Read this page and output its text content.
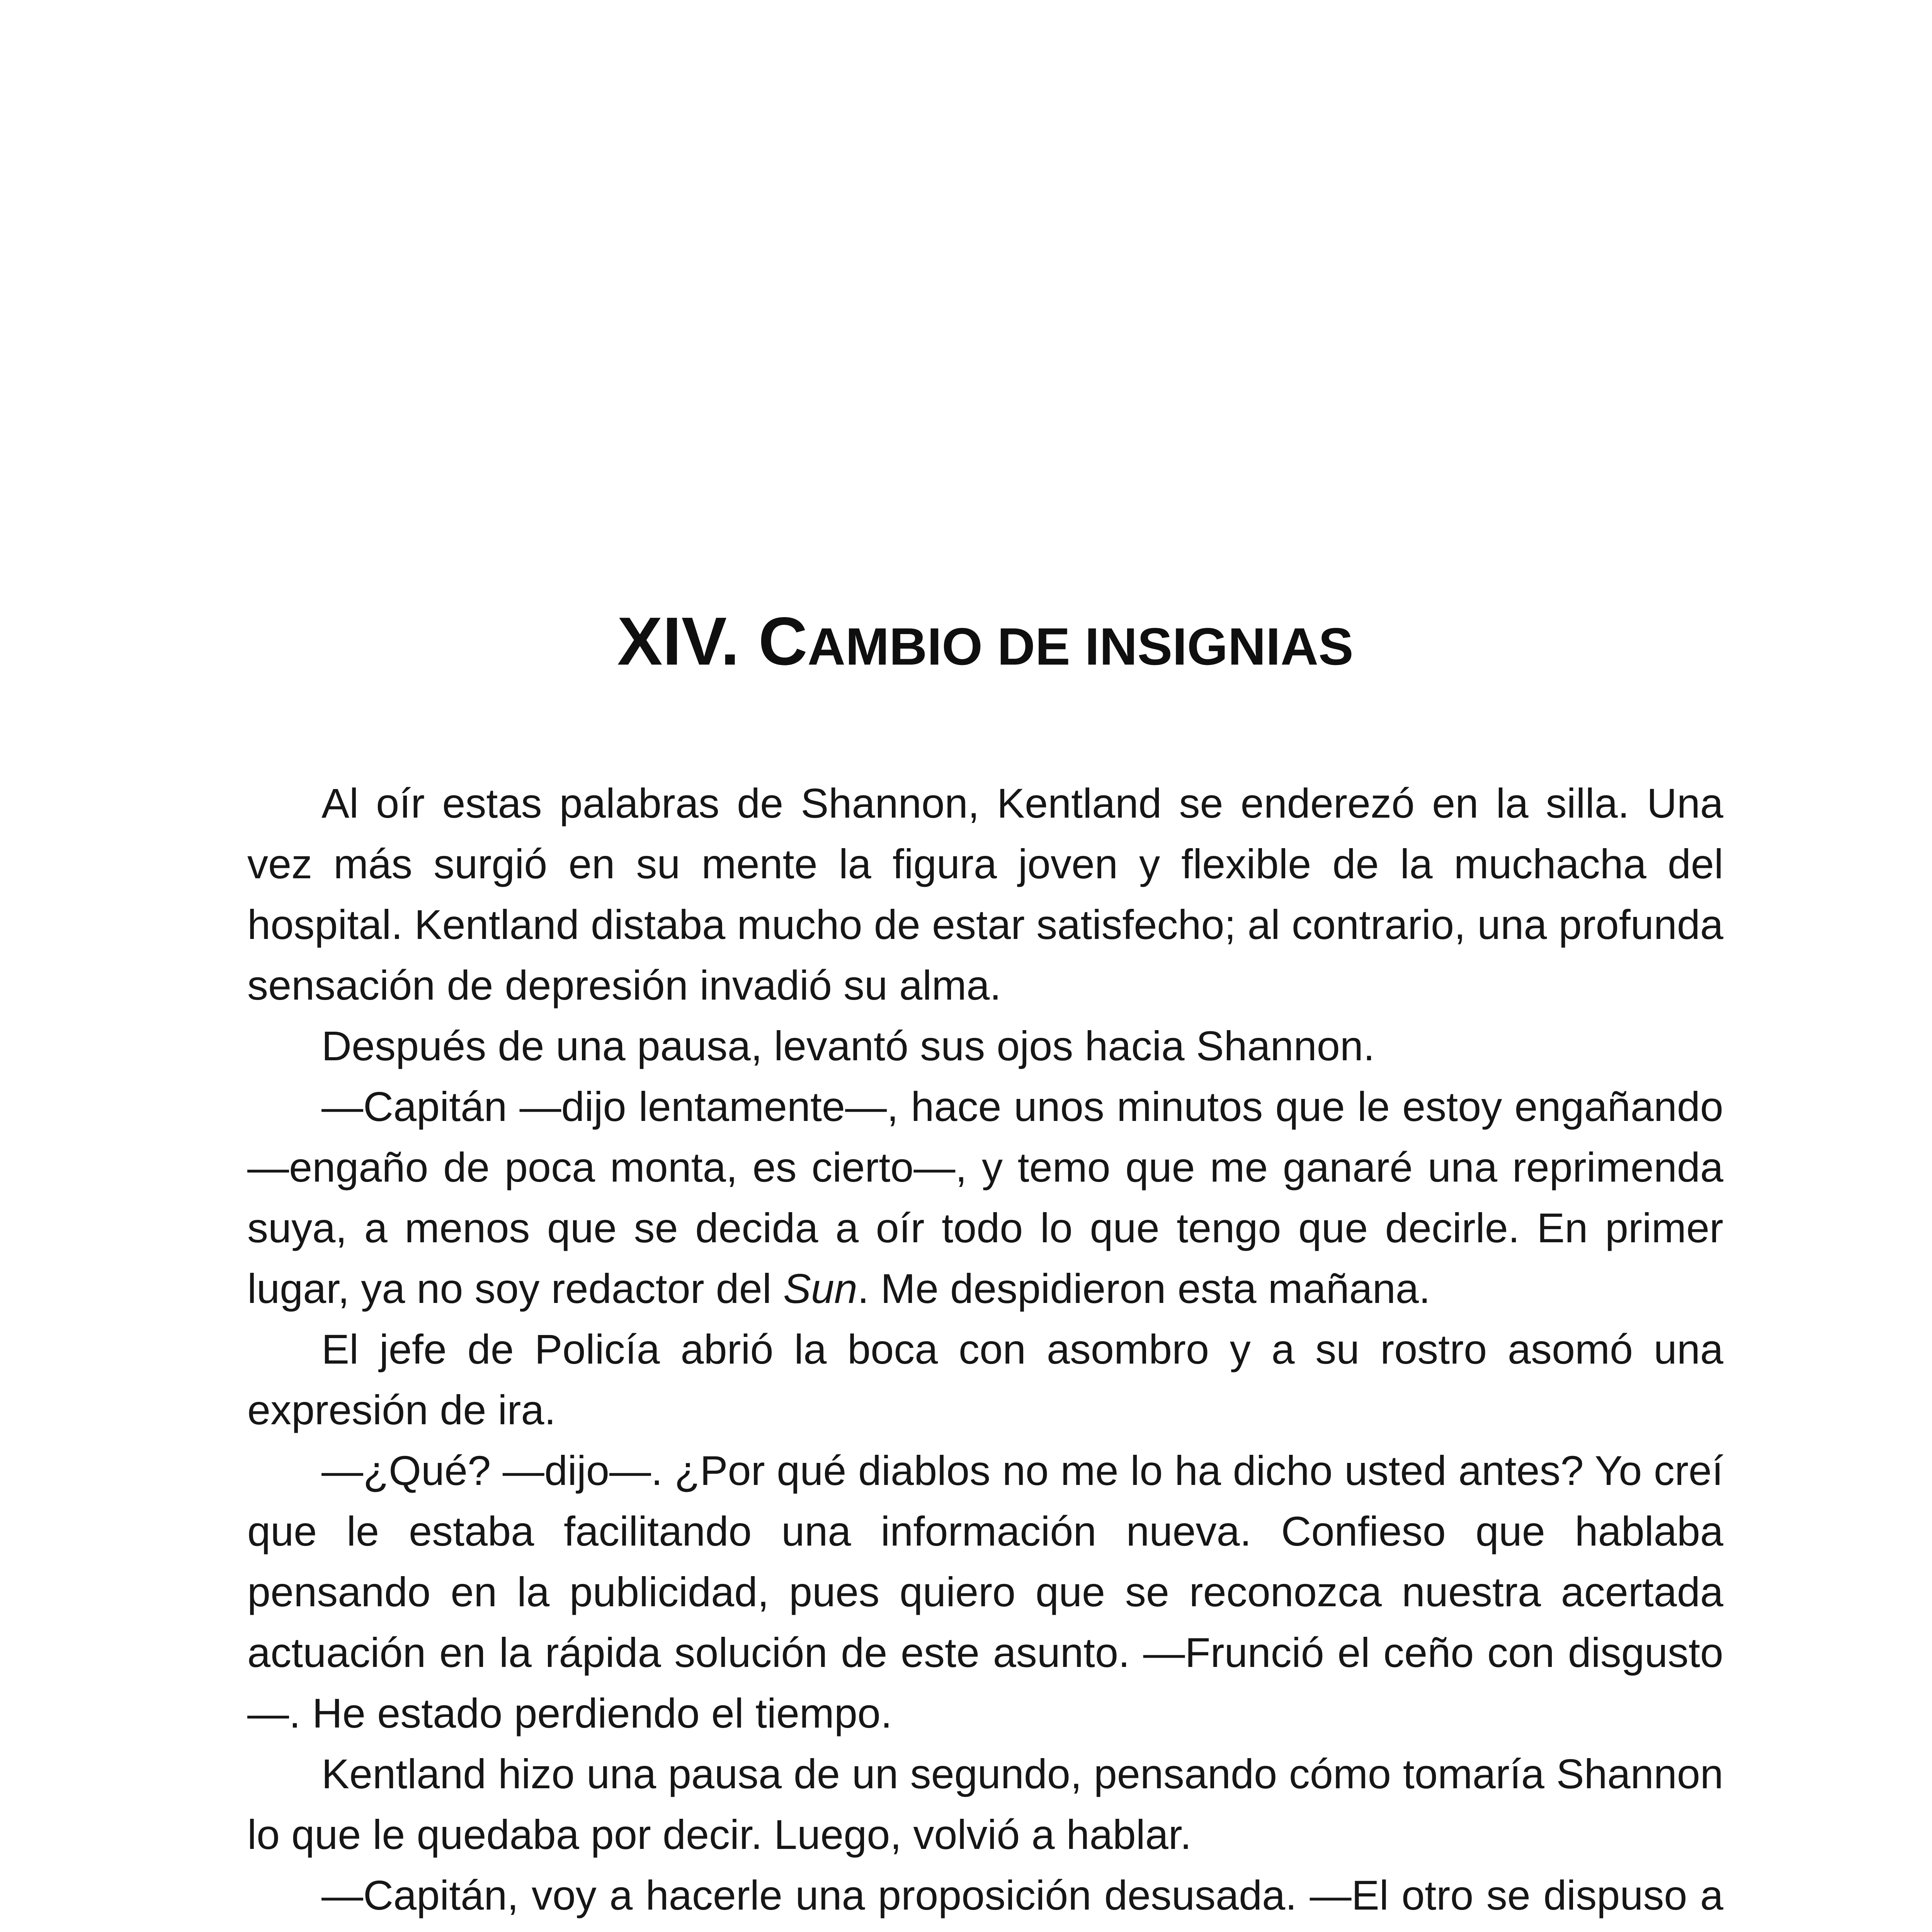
XIV. CAMBIO DE INSIGNIAS

Al oír estas palabras de Shannon, Kentland se enderezó en la silla. Una vez más surgió en su mente la figura joven y flexible de la muchacha del hospital. Kentland distaba mucho de estar satisfecho; al contrario, una profunda sensación de depresión invadió su alma.

Después de una pausa, levantó sus ojos hacia Shannon.

—Capitán —dijo lentamente—, hace unos minutos que le estoy engañando —engaño de poca monta, es cierto—, y temo que me ganaré una reprimenda suya, a menos que se decida a oír todo lo que tengo que decirle. En primer lugar, ya no soy redactor del Sun. Me despidieron esta mañana.

El jefe de Policía abrió la boca con asombro y a su rostro asomó una expresión de ira.

—¿Qué? —dijo—. ¿Por qué diablos no me lo ha dicho usted antes? Yo creí que le estaba facilitando una información nueva. Confieso que hablaba pensando en la publicidad, pues quiero que se reconozca nuestra acertada actuación en la rápida solución de este asunto. —Frunció el ceño con disgusto—. He estado perdiendo el tiempo.

Kentland hizo una pausa de un segundo, pensando cómo tomaría Shannon lo que le quedaba por decir. Luego, volvió a hablar.

—Capitán, voy a hacerle una proposición desusada. —El otro se dispuso a
